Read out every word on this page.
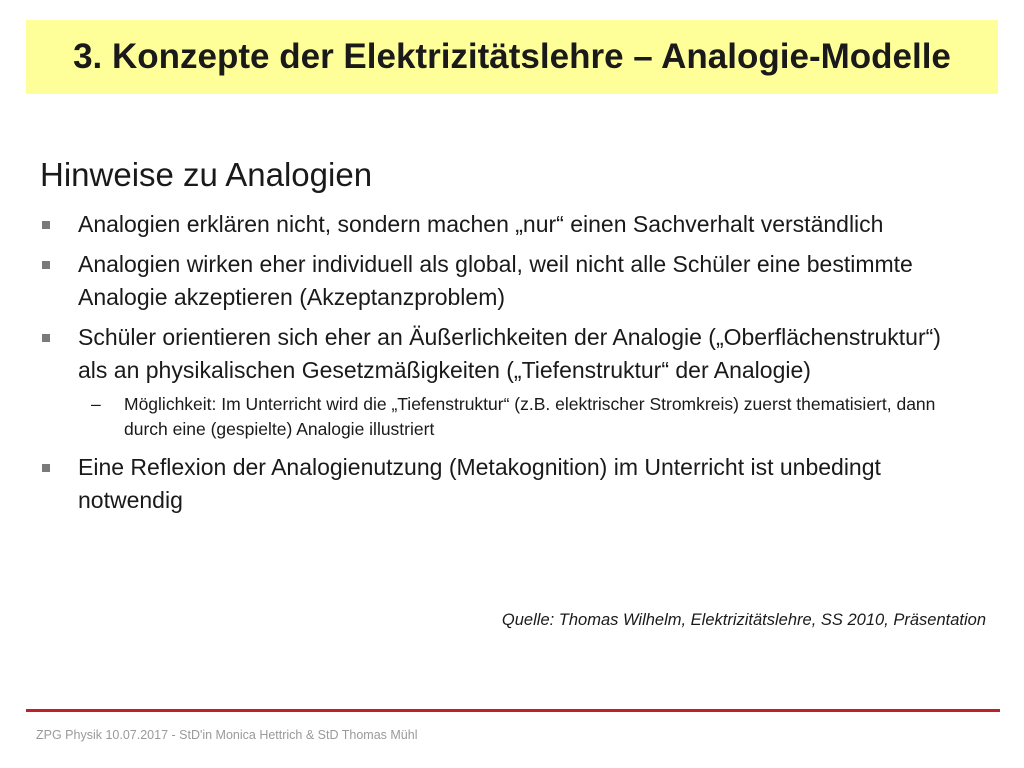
3. Konzepte der Elektrizitätslehre – Analogie-Modelle
Hinweise zu Analogien
Analogien erklären nicht, sondern machen „nur“ einen Sachverhalt verständlich
Analogien wirken eher individuell als global, weil nicht alle Schüler eine bestimmte Analogie akzeptieren (Akzeptanzproblem)
Schüler orientieren sich eher an Äußerlichkeiten der Analogie („Oberflächenstruktur“) als an physikalischen Gesetzmäßigkeiten („Tiefenstruktur“ der Analogie)
– Möglichkeit: Im Unterricht wird die „Tiefenstruktur“ (z.B. elektrischer Stromkreis) zuerst thematisiert, dann durch eine (gespielte) Analogie illustriert
Eine Reflexion der Analogienutzung (Metakognition) im Unterricht ist unbedingt notwendig
Quelle: Thomas Wilhelm, Elektrizitätslehre, SS 2010, Präsentation
ZPG Physik 10.07.2017 - StD'in Monica Hettrich & StD Thomas Mühl
